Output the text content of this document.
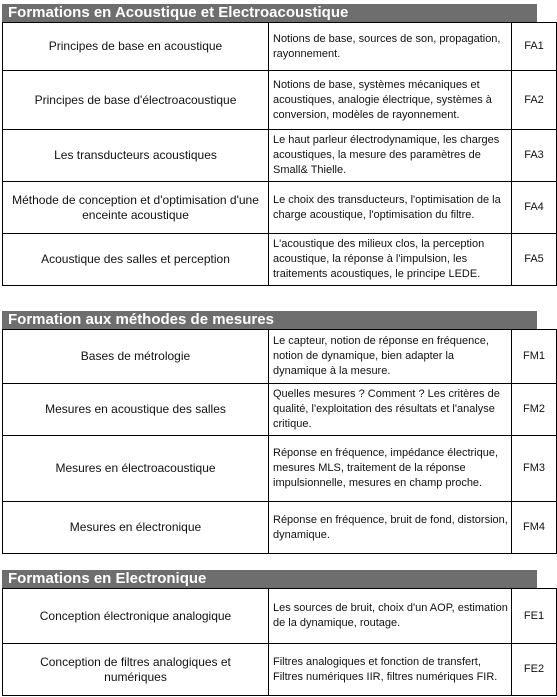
Formations en Acoustique et Electroacoustique
Principes de base en acoustique	Notions de base, sources de son, propagation, rayonnement.	FA1
Principes de base d'électroacoustique	Notions de base, systèmes mécaniques et acoustiques, analogie électrique, systèmes à conversion, modèles de rayonnement.	FA2
Les transducteurs acoustiques	Le haut parleur électrodynamique, les charges acoustiques, la mesure des paramètres de Small& Thielle.	FA3
Méthode de conception et d'optimisation d'une enceinte acoustique	Le choix des transducteurs, l'optimisation de la charge acoustique, l'optimisation du filtre.	FA4
Acoustique des salles et perception	L'acoustique des milieux clos, la perception acoustique, la réponse à l'impulsion, les traitements acoustiques, le principe LEDE.	FA5
Formation aux méthodes de mesures
Bases de métrologie	Le capteur, notion de réponse en fréquence, notion de dynamique, bien adapter la dynamique à la mesure.	FM1
Mesures en acoustique des salles	Quelles mesures ? Comment ? Les critères de qualité, l'exploitation des résultats et l'analyse critique.	FM2
Mesures en électroacoustique	Réponse en fréquence, impédance électrique, mesures MLS, traitement de la réponse impulsionnelle, mesures en champ proche.	FM3
Mesures en électronique	Réponse en fréquence, bruit de fond, distorsion, dynamique.	FM4
Formations en Electronique
Conception électronique analogique	Les sources de bruit, choix d'un AOP, estimation de la dynamique, routage.	FE1
Conception de filtres analogiques et numériques	Filtres analogiques et fonction de transfert, Filtres numériques IIR, filtres numériques FIR.	FE2
